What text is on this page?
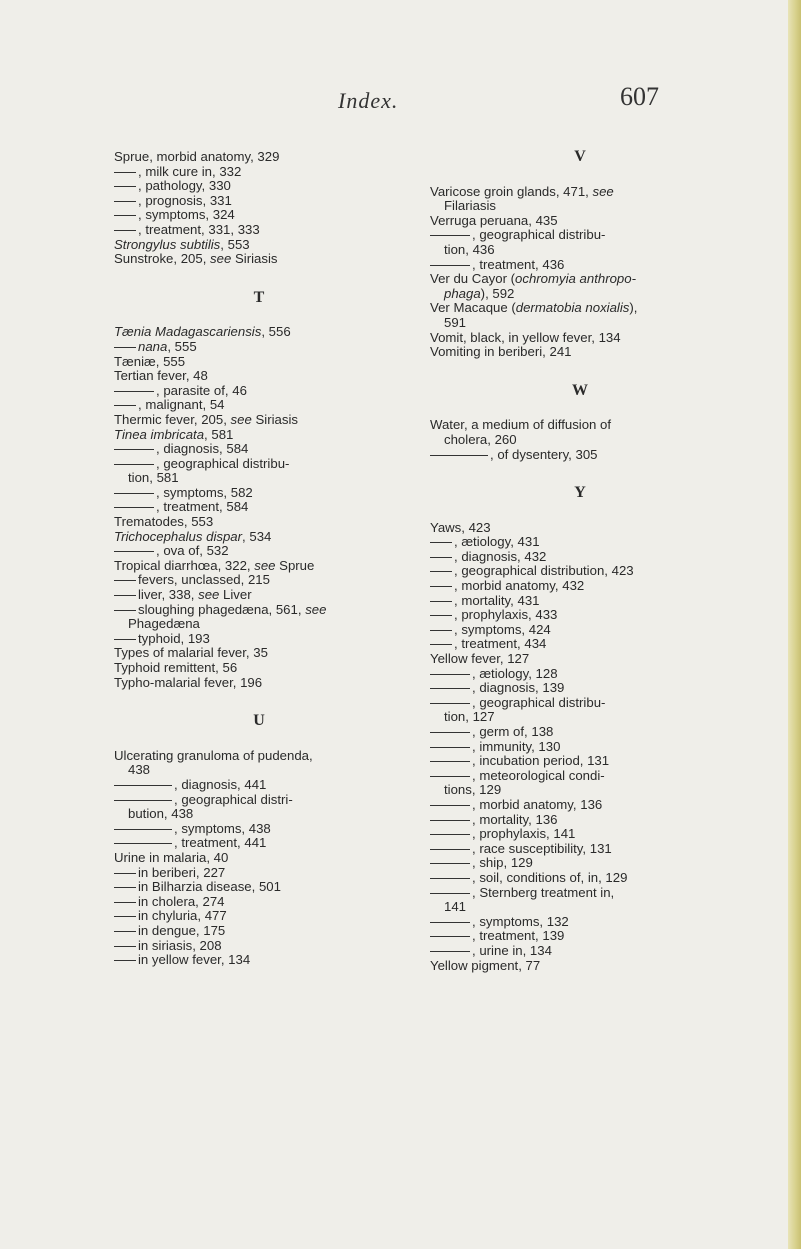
Index.	607
Sprue, morbid anatomy, 329
, milk cure in, 332
, pathology, 330
, prognosis, 331
, symptoms, 324
, treatment, 331, 333
Strongylus subtilis, 553
Sunstroke, 205, see Siriasis
T
Tænia Madagascariensis, 556
nana, 555
Tæniæ, 555
Tertian fever, 48
, parasite of, 46
, malignant, 54
Thermic fever, 205, see Siriasis
Tinea imbricata, 581
, diagnosis, 584
, geographical distribu-
tion, 581
, symptoms, 582
, treatment, 584
Trematodes, 553
Trichocephalus dispar, 534
, ova of, 532
Tropical diarrhœa, 322, see Sprue
fevers, unclassed, 215
liver, 338, see Liver
sloughing phagedæna, 561, see
Phagedæna
typhoid, 193
Types of malarial fever, 35
Typhoid remittent, 56
Typho-malarial fever, 196
U
Ulcerating granuloma of pudenda,
438
, diagnosis, 441
, geographical distri-
bution, 438
, symptoms, 438
, treatment, 441
Urine in malaria, 40
in beriberi, 227
in Bilharzia disease, 501
in cholera, 274
in chyluria, 477
in dengue, 175
in siriasis, 208
in yellow fever, 134
V
Varicose groin glands, 471, see
Filariasis
Verruga peruana, 435
, geographical distribu-
tion, 436
, treatment, 436
Ver du Cayor (ochromyia anthropo-
phaga), 592
Ver Macaque (dermatobia noxialis),
591
Vomit, black, in yellow fever, 134
Vomiting in beriberi, 241
W
Water, a medium of diffusion of
cholera, 260
, of dysentery, 305
Y
Yaws, 423
, ætiology, 431
, diagnosis, 432
, geographical distribution, 423
, morbid anatomy, 432
, mortality, 431
, prophylaxis, 433
, symptoms, 424
, treatment, 434
Yellow fever, 127
, ætiology, 128
, diagnosis, 139
, geographical distribu-
tion, 127
, germ of, 138
, immunity, 130
, incubation period, 131
, meteorological condi-
tions, 129
, morbid anatomy, 136
, mortality, 136
, prophylaxis, 141
, race susceptibility, 131
, ship, 129
, soil, conditions of, in, 129
, Sternberg treatment in,
141
, symptoms, 132
, treatment, 139
, urine in, 134
Yellow pigment, 77
